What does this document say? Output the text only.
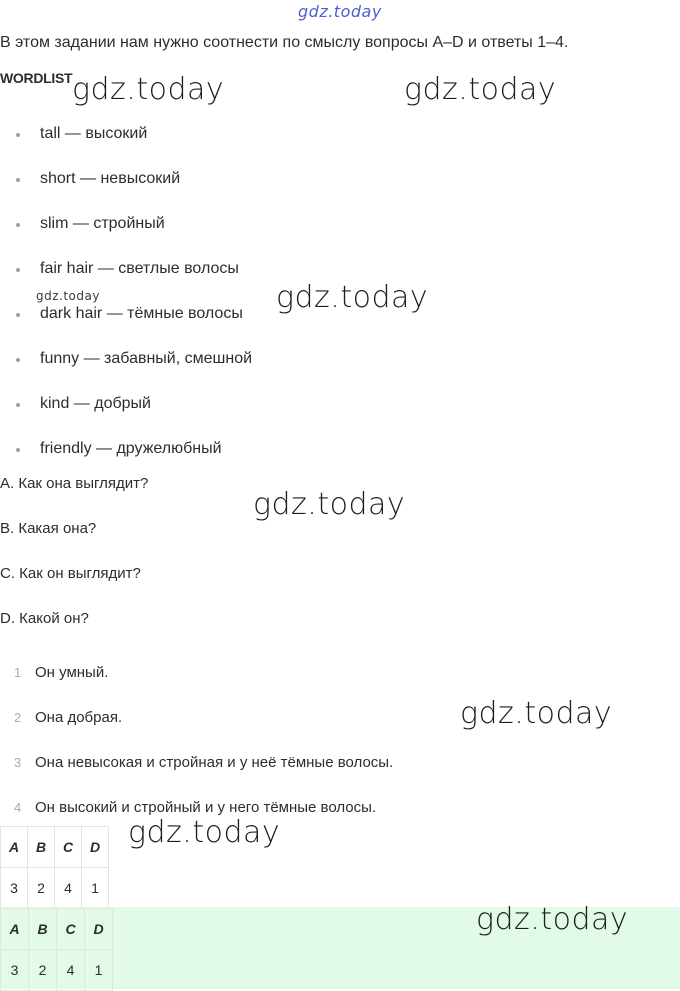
gdz.today
gdz.today	gdz.today
gdz.today	gdz.today
gdz.today
gdz.today
gdz.today
В этом задании нам нужно соотнести по смыслу вопросы A–D и ответы 1–4.
WORDLIST
tall — высокий
short — невысокий
slim — стройный
fair hair — светлые волосы
dark hair — тёмные волосы
funny — забавный, смешной
kind — добрый
friendly — дружелюбный
A. Как она выглядит?
B. Какая она?
C. Как он выглядит?
D. Какой он?
1 Он умный.
2 Она добрая.
3 Она невысокая и стройная и у неё тёмные волосы.
4 Он высокий и стройный и у него тёмные волосы.
A	B	C	D
3	2	4	1
gdz.today
A	B	C	D
3	2	4	1
